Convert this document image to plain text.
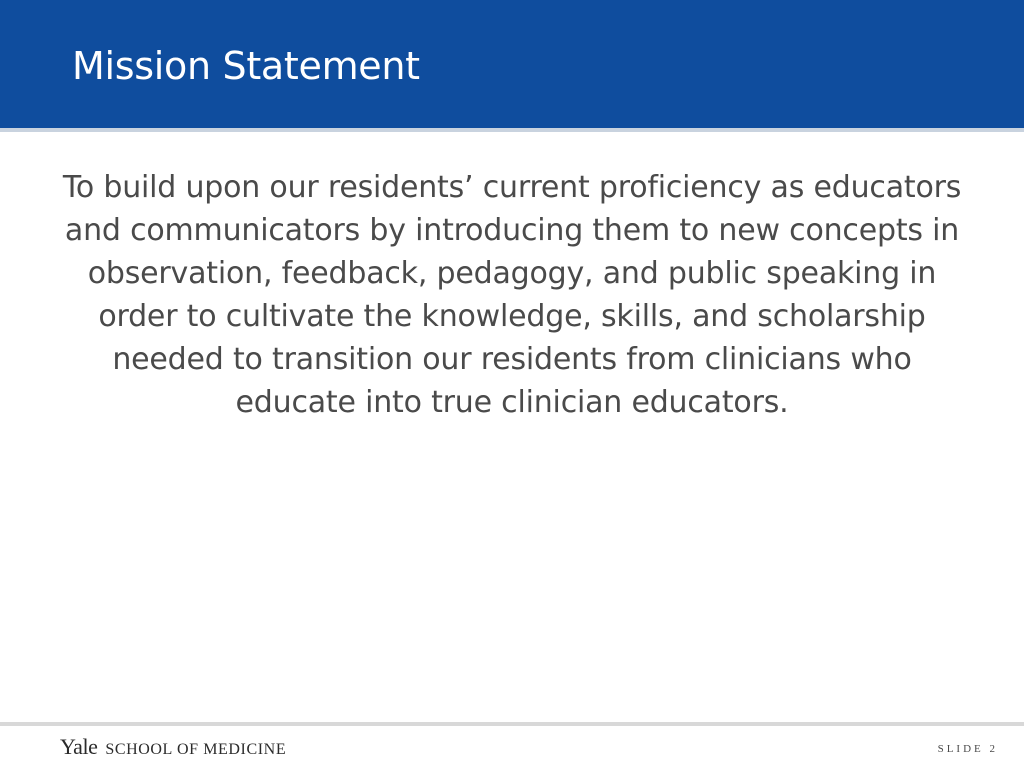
Mission Statement

To build upon our residents’ current proficiency as educators and communicators by introducing them to new concepts in observation, feedback, pedagogy, and public speaking in order to cultivate the knowledge, skills, and scholarship needed to transition our residents from clinicians who educate into true clinician educators.

Yale SCHOOL OF MEDICINE	SLIDE 2
